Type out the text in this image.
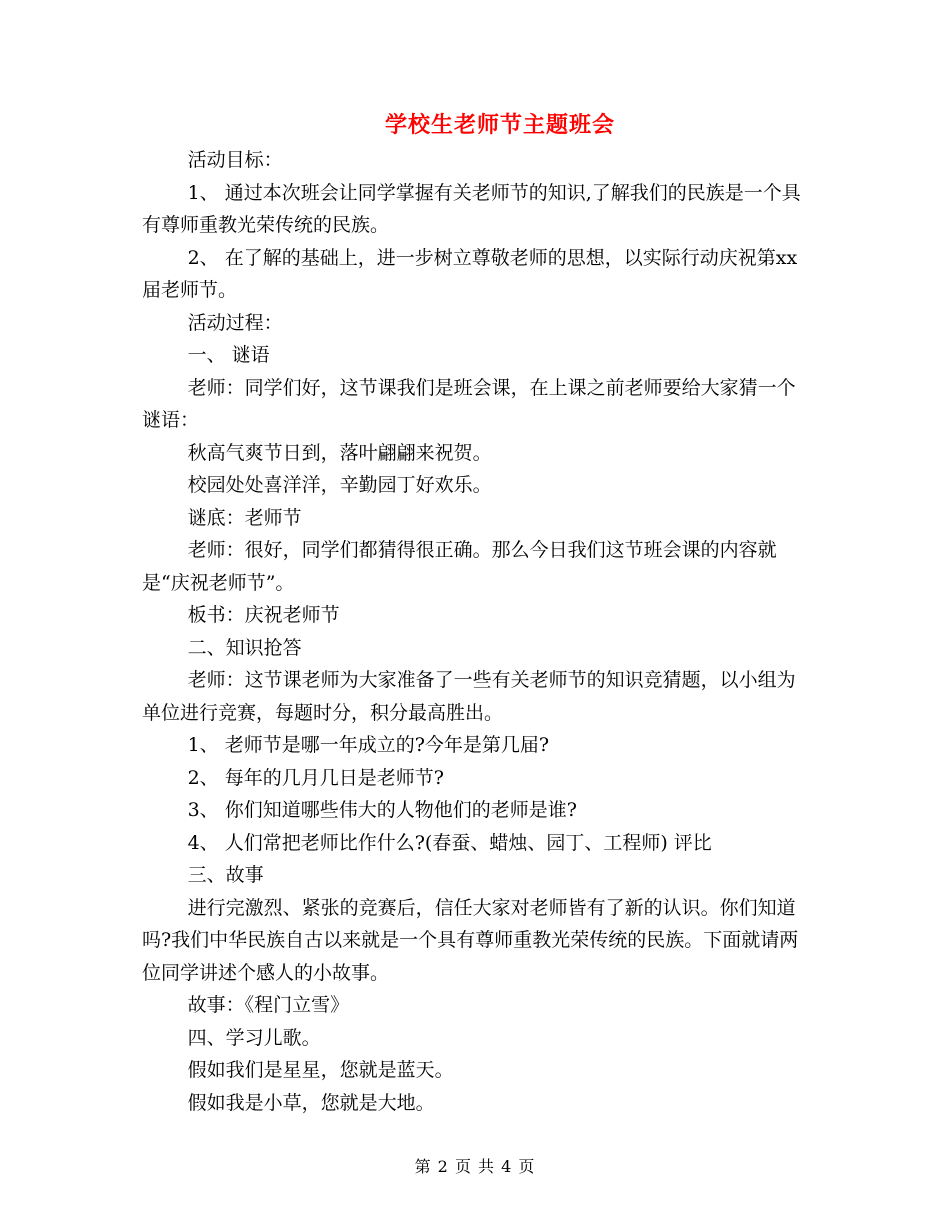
学校生老师节主题班会

活动目标：

1、 通过本次班会让同学掌握有关老师节的知识,了解我们的民族是一个具有尊师重教光荣传统的民族。

2、 在了解的基础上，进一步树立尊敬老师的思想，以实际行动庆祝第xx届老师节。

活动过程：

一、 谜语

老师：同学们好，这节课我们是班会课，在上课之前老师要给大家猜一个谜语：

秋高气爽节日到，落叶翩翩来祝贺。

校园处处喜洋洋，辛勤园丁好欢乐。

谜底：老师节

老师：很好，同学们都猜得很正确。那么今日我们这节班会课的内容就是“庆祝老师节”。

板书：庆祝老师节

二、知识抢答

老师：这节课老师为大家准备了一些有关老师节的知识竞猜题，以小组为单位进行竞赛，每题时分，积分最高胜出。

1、 老师节是哪一年成立的?今年是第几届?

2、 每年的几月几日是老师节?

3、 你们知道哪些伟大的人物他们的老师是谁?

4、 人们常把老师比作什么?(春蚕、蜡烛、园丁、工程师) 评比

三、故事

进行完激烈、紧张的竞赛后，信任大家对老师皆有了新的认识。你们知道吗?我们中华民族自古以来就是一个具有尊师重教光荣传统的民族。下面就请两位同学讲述个感人的小故事。

故事：《程门立雪》

四、学习儿歌。

假如我们是星星，您就是蓝天。

假如我是小草，您就是大地。

第 2 页 共 4 页
